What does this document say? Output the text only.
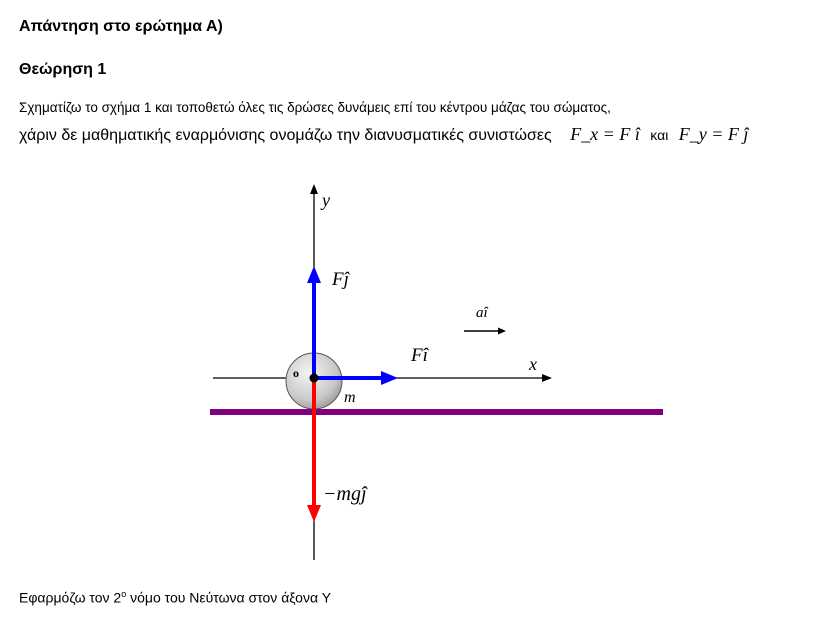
Απάντηση στο ερώτημα Α)
Θεώρηση 1
Σχηματίζω το σχήμα 1 και τοποθετώ όλες τις δρώσες δυνάμεις επί του κέντρου μάζας του σώματος,
χάριν δε μαθηματικής εναρμόνισης ονομάζω την διανυσματικές συνιστώσες F_x = F î και F_y = F ĵ
y
x
Fĵ
Fî
−mgĵ
aî
m
o
Εφαρμόζω τον 2$^o$ νόμο του Νεύτωνα στον άξονα Υ
